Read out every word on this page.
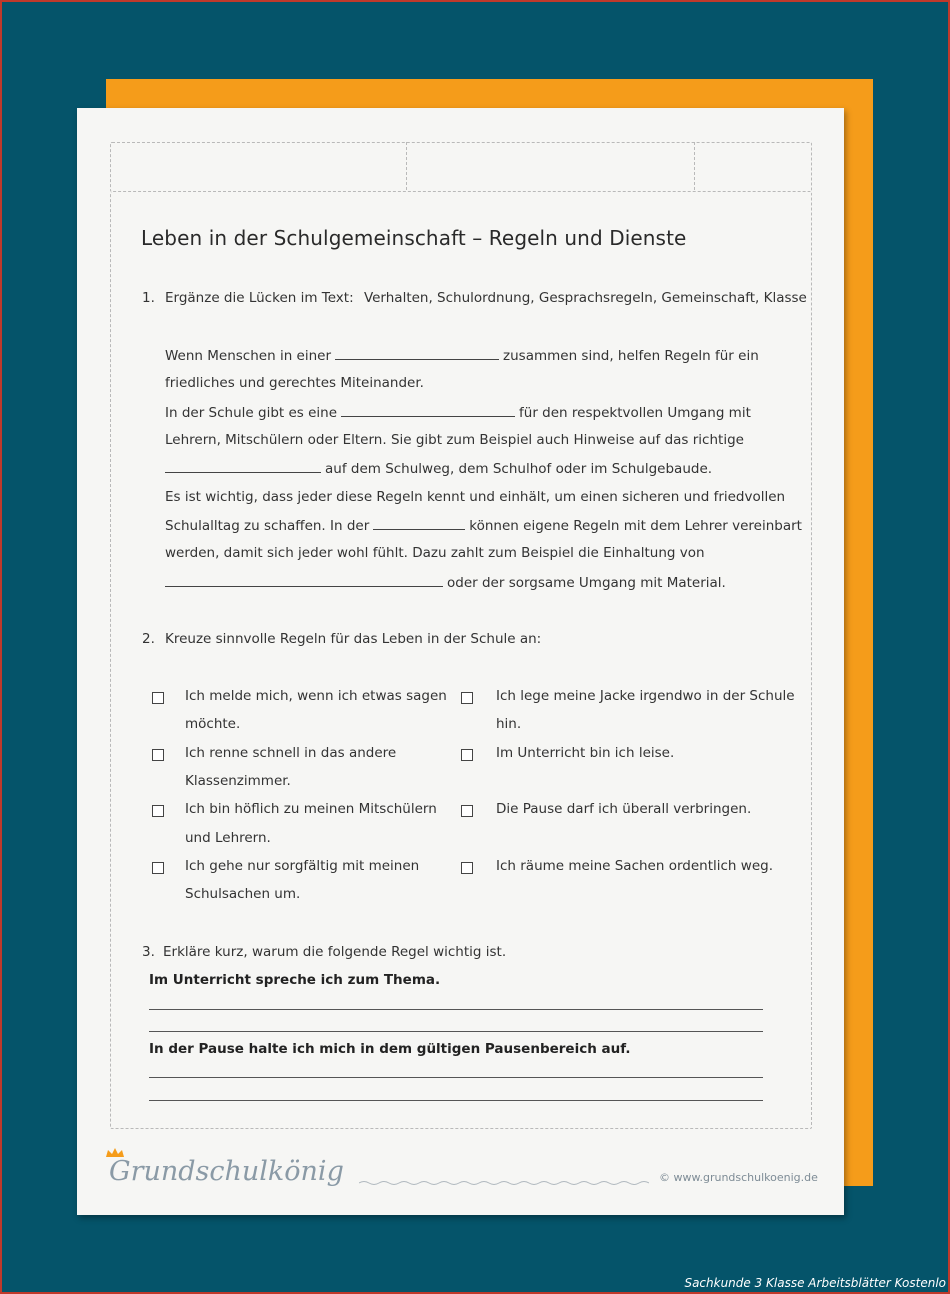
Leben in der Schulgemeinschaft – Regeln und Dienste
1. Ergänze die Lücken im Text: Verhalten, Schulordnung, Gesprachsregeln, Gemeinschaft, Klasse
Wenn Menschen in einer	zusammen sind, helfen Regeln für ein
friedliches und gerechtes Miteinander.
In der Schule gibt es eine	für den respektvollen Umgang mit
Lehrern, Mitschülern oder Eltern. Sie gibt zum Beispiel auch Hinweise auf das richtige
auf dem Schulweg, dem Schulhof oder im Schulgebaude.
Es ist wichtig, dass jeder diese Regeln kennt und einhält, um einen sicheren und friedvollen
Schulalltag zu schaffen. In der	können eigene Regeln mit dem Lehrer vereinbart
werden, damit sich jeder wohl fühlt. Dazu zahlt zum Beispiel die Einhaltung von
oder der sorgsame Umgang mit Material.
2. Kreuze sinnvolle Regeln für das Leben in der Schule an:
Ich melde mich, wenn ich etwas sagen
möchte.
Ich renne schnell in das andere
Klassenzimmer.
Ich bin höflich zu meinen Mitschülern
und Lehrern.
Ich gehe nur sorgfältig mit meinen
Schulsachen um.
Ich lege meine Jacke irgendwo in der Schule
hin.
Im Unterricht bin ich leise.
Die Pause darf ich überall verbringen.
Ich räume meine Sachen ordentlich weg.
3. Erkläre kurz, warum die folgende Regel wichtig ist.
Im Unterricht spreche ich zum Thema.
In der Pause halte ich mich in dem gültigen Pausenbereich auf.
Grundschulkönig	© www.grundschulkoenig.de
Sachkunde 3 Klasse Arbeitsblätter Kostenlo
